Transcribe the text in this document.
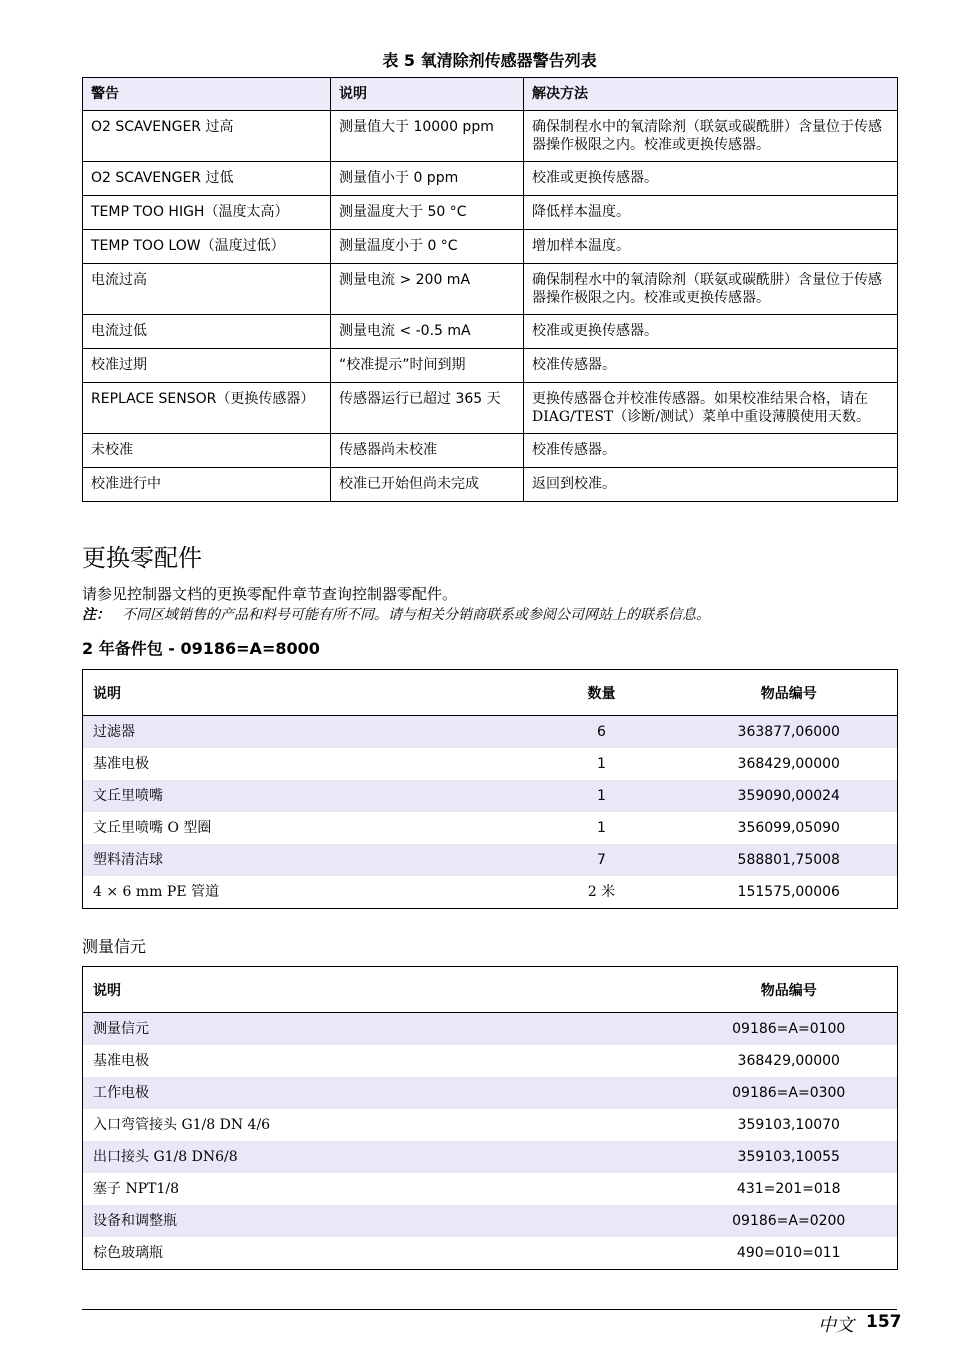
表 5 氧清除剂传感器警告列表
警告	说明	解决方法
O2 SCAVENGER 过高	测量值大于 10000 ppm	确保制程水中的氧清除剂（联氨或碳酰肼）含量位于传感器操作极限之内。校准或更换传感器。
O2 SCAVENGER 过低	测量值小于 0 ppm	校准或更换传感器。
TEMP TOO HIGH（温度太高）	测量温度大于 50 °C	降低样本温度。
TEMP TOO LOW（温度过低）	测量温度小于 0 °C	增加样本温度。
电流过高	测量电流 > 200 mA	确保制程水中的氧清除剂（联氨或碳酰肼）含量位于传感器操作极限之内。校准或更换传感器。
电流过低	测量电流 < -0.5 mA	校准或更换传感器。
校准过期	“校准提示”时间到期	校准传感器。
REPLACE SENSOR（更换传感器）	传感器运行已超过 365 天	更换传感器仓并校准传感器。如果校准结果合格，请在 DIAG/TEST（诊断/测试）菜单中重设薄膜使用天数。
未校准	传感器尚未校准	校准传感器。
校准进行中	校准已开始但尚未完成	返回到校准。
更换零配件
请参见控制器文档的更换零配件章节查询控制器零配件。
注： 不同区域销售的产品和料号可能有所不同。请与相关分销商联系或参阅公司网站上的联系信息。
2 年备件包 - 09186=A=8000
说明	数量	物品编号
过滤器	6	363877,06000
基准电极	1	368429,00000
文丘里喷嘴	1	359090,00024
文丘里喷嘴 O 型圈	1	356099,05090
塑料清洁球	7	588801,75008
4 × 6 mm PE 管道	2 米	151575,00006
测量信元
说明	物品编号
测量信元	09186=A=0100
基准电极	368429,00000
工作电极	09186=A=0300
入口弯管接头 G1/8 DN 4/6	359103,10070
出口接头 G1/8 DN6/8	359103,10055
塞子 NPT1/8	431=201=018
设备和调整瓶	09186=A=0200
棕色玻璃瓶	490=010=011
中文 157
